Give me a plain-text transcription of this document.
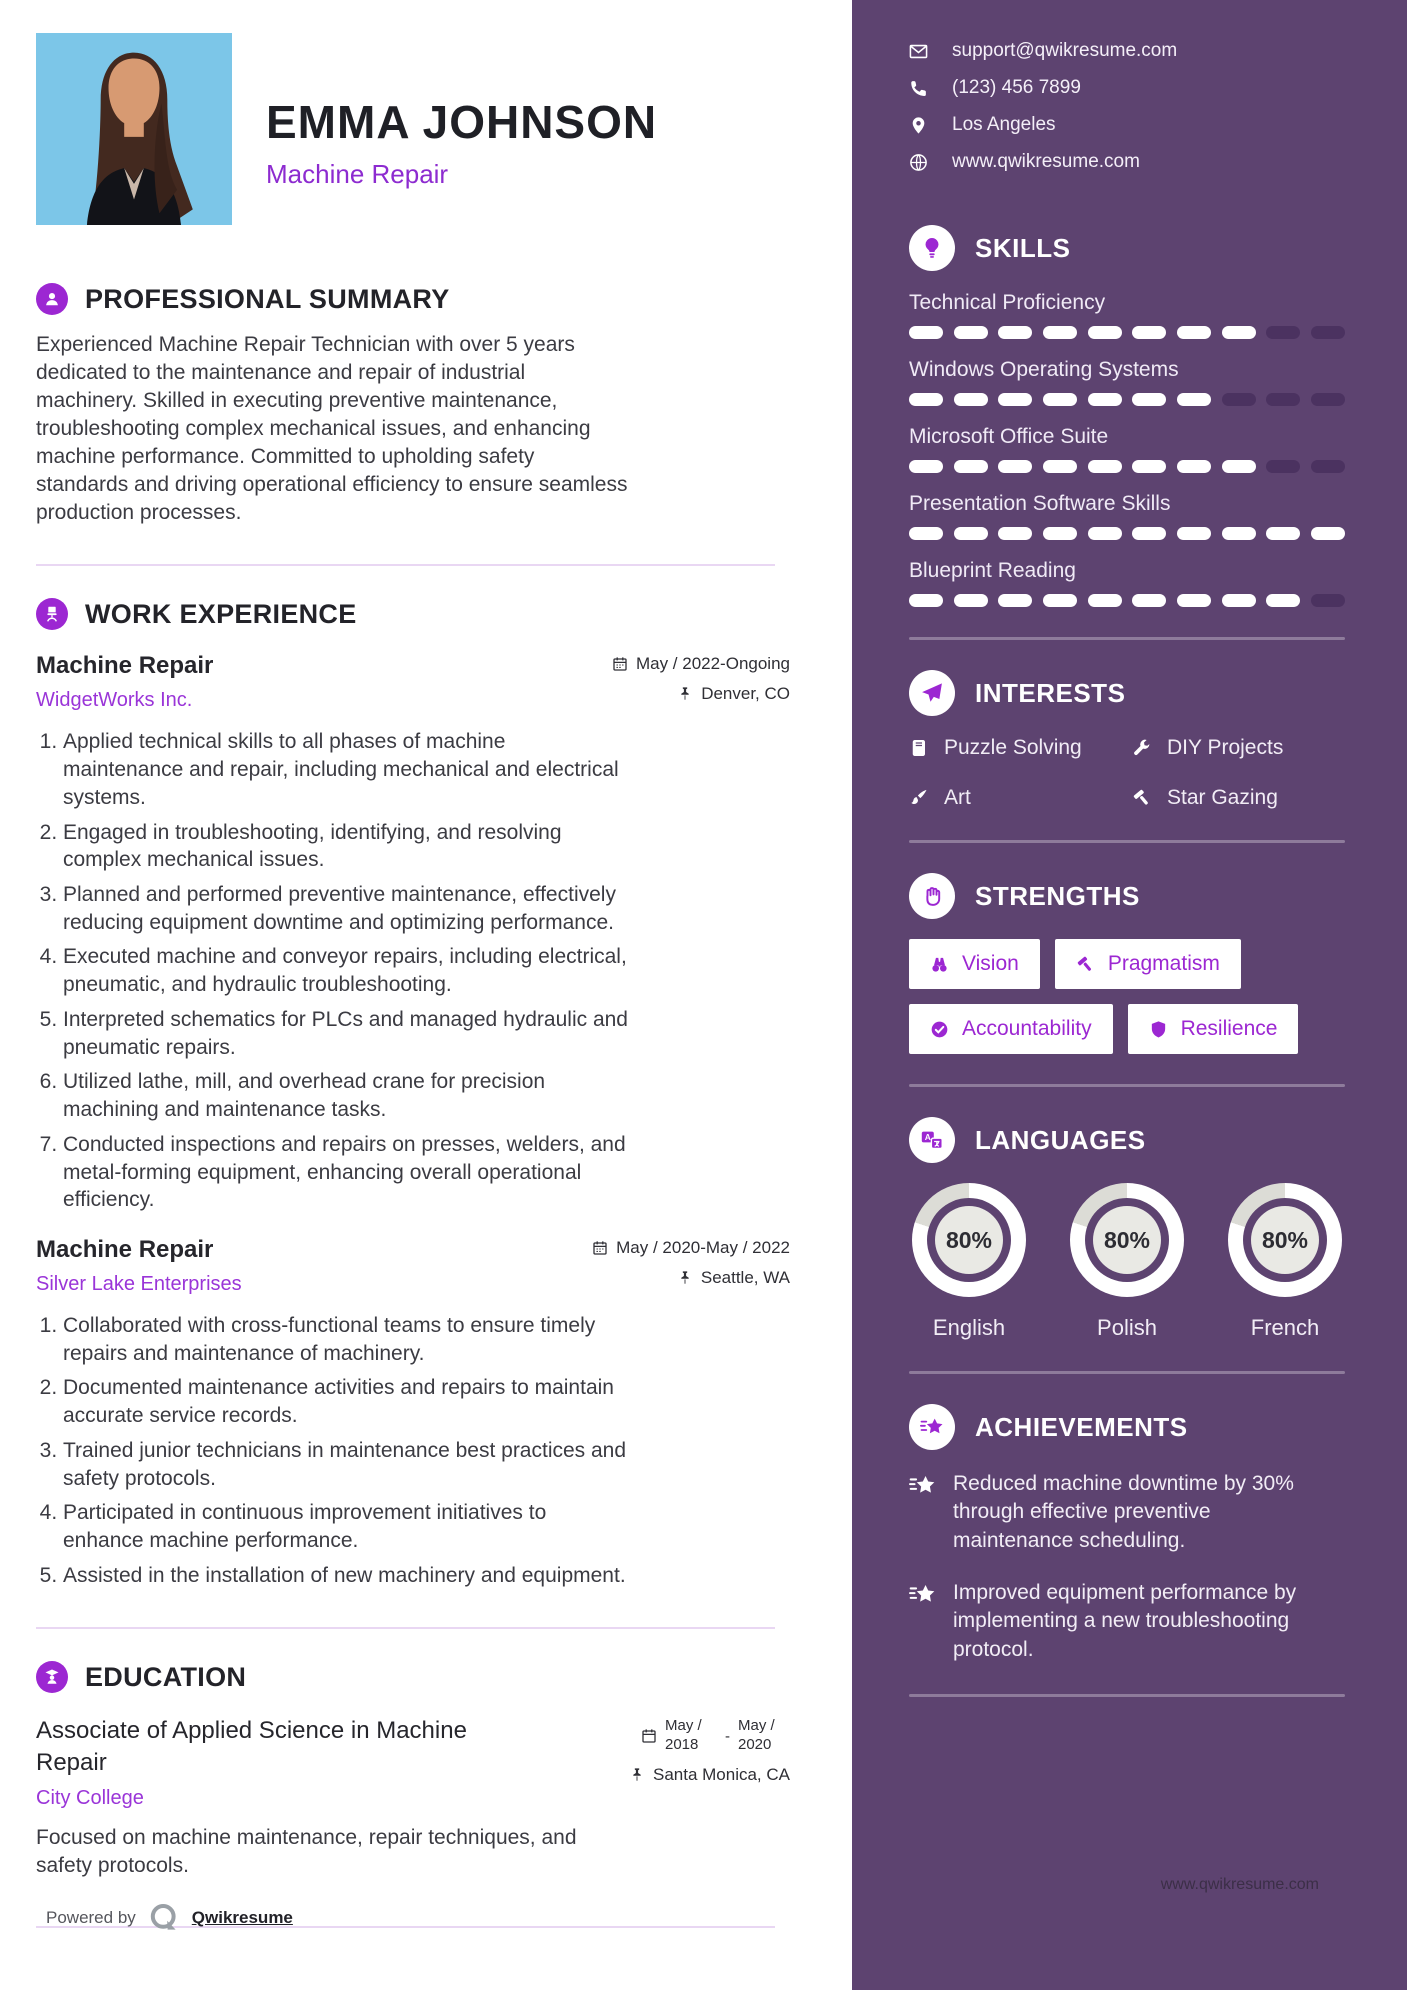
EMMA JOHNSON
Machine Repair
PROFESSIONAL SUMMARY

Experienced Machine Repair Technician with over 5 years dedicated to the maintenance and repair of industrial machinery. Skilled in executing preventive maintenance, troubleshooting complex mechanical issues, and enhancing machine performance. Committed to upholding safety standards and driving operational efficiency to ensure seamless production processes.

WORK EXPERIENCE
Machine Repair
WidgetWorks Inc.
May / 2022-Ongoing
Denver, CO
1. Applied technical skills to all phases of machine maintenance and repair, including mechanical and electrical systems.
2. Engaged in troubleshooting, identifying, and resolving complex mechanical issues.
3. Planned and performed preventive maintenance, effectively reducing equipment downtime and optimizing performance.
4. Executed machine and conveyor repairs, including electrical, pneumatic, and hydraulic troubleshooting.
5. Interpreted schematics for PLCs and managed hydraulic and pneumatic repairs.
6. Utilized lathe, mill, and overhead crane for precision machining and maintenance tasks.
7. Conducted inspections and repairs on presses, welders, and metal-forming equipment, enhancing overall operational efficiency.
Machine Repair
Silver Lake Enterprises
May / 2020-May / 2022
Seattle, WA
1. Collaborated with cross-functional teams to ensure timely repairs and maintenance of machinery.
2. Documented maintenance activities and repairs to maintain accurate service records.
3. Trained junior technicians in maintenance best practices and safety protocols.
4. Participated in continuous improvement initiatives to enhance machine performance.
5. Assisted in the installation of new machinery and equipment.
EDUCATION
Associate of Applied Science in Machine Repair
City College
May / 2018	-
May / 2020
Santa Monica, CA

Focused on machine maintenance, repair techniques, and safety protocols.

Powered by	Qwikresume
support@qwikresume.com
(123) 456 7899
Los Angeles
www.qwikresume.com
SKILLS
Technical Proficiency
Windows Operating Systems
Microsoft Office Suite
Presentation Software Skills
Blueprint Reading
INTERESTS
Puzzle Solving	DIY Projects
Art	Star Gazing
STRENGTHS
Vision	Pragmatism
Accountability	Resilience
A LANGUAGES
80%
English
80%
Polish
80%
French
ACHIEVEMENTS
Reduced machine downtime by 30% through effective preventive maintenance scheduling.
Improved equipment performance by implementing a new troubleshooting protocol.
www.qwikresume.com
